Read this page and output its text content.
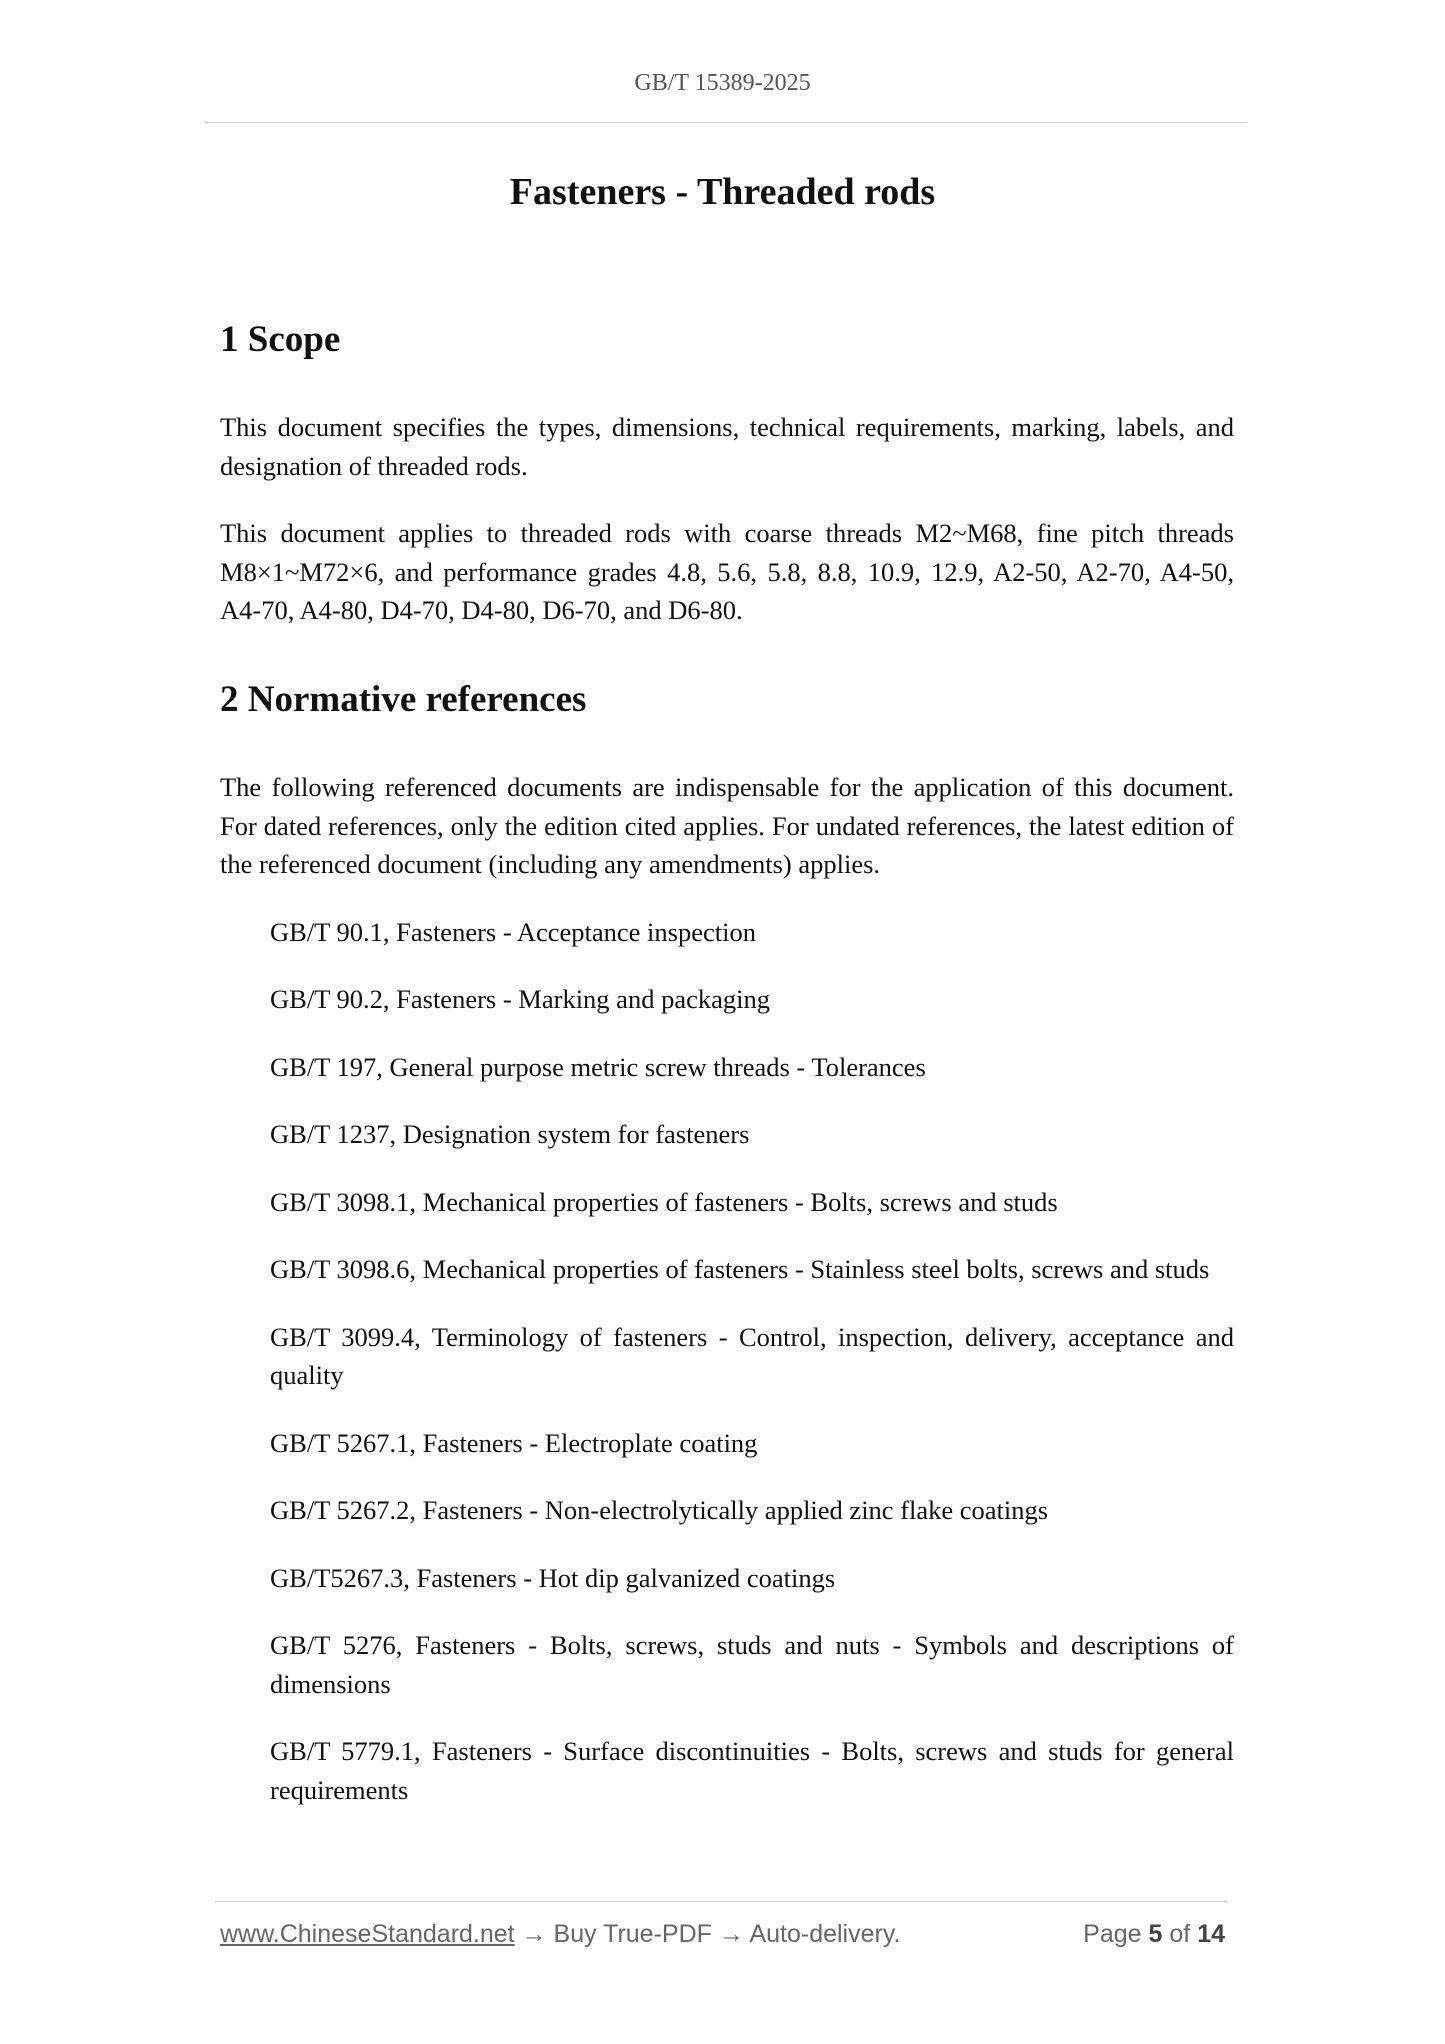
GB/T 15389-2025
Fasteners - Threaded rods
1 Scope

This document specifies the types, dimensions, technical requirements, marking, labels, and designation of threaded rods.

This document applies to threaded rods with coarse threads M2~M68, fine pitch threads M8×1~M72×6, and performance grades 4.8, 5.6, 5.8, 8.8, 10.9, 12.9, A2-50, A2-70, A4-50, A4-70, A4-80, D4-70, D4-80, D6-70, and D6-80.

2 Normative references

The following referenced documents are indispensable for the application of this document. For dated references, only the edition cited applies. For undated references, the latest edition of the referenced document (including any amendments) applies.

GB/T 90.1, Fasteners - Acceptance inspection
GB/T 90.2, Fasteners - Marking and packaging
GB/T 197, General purpose metric screw threads - Tolerances
GB/T 1237, Designation system for fasteners
GB/T 3098.1, Mechanical properties of fasteners - Bolts, screws and studs
GB/T 3098.6, Mechanical properties of fasteners - Stainless steel bolts, screws and studs
GB/T 3099.4, Terminology of fasteners - Control, inspection, delivery, acceptance and quality
GB/T 5267.1, Fasteners - Electroplate coating
GB/T 5267.2, Fasteners - Non-electrolytically applied zinc flake coatings
GB/T5267.3, Fasteners - Hot dip galvanized coatings
GB/T 5276, Fasteners - Bolts, screws, studs and nuts - Symbols and descriptions of dimensions
GB/T 5779.1, Fasteners - Surface discontinuities - Bolts, screws and studs for general requirements
www.ChineseStandard.net → Buy True-PDF → Auto-delivery.	Page 5 of 14
